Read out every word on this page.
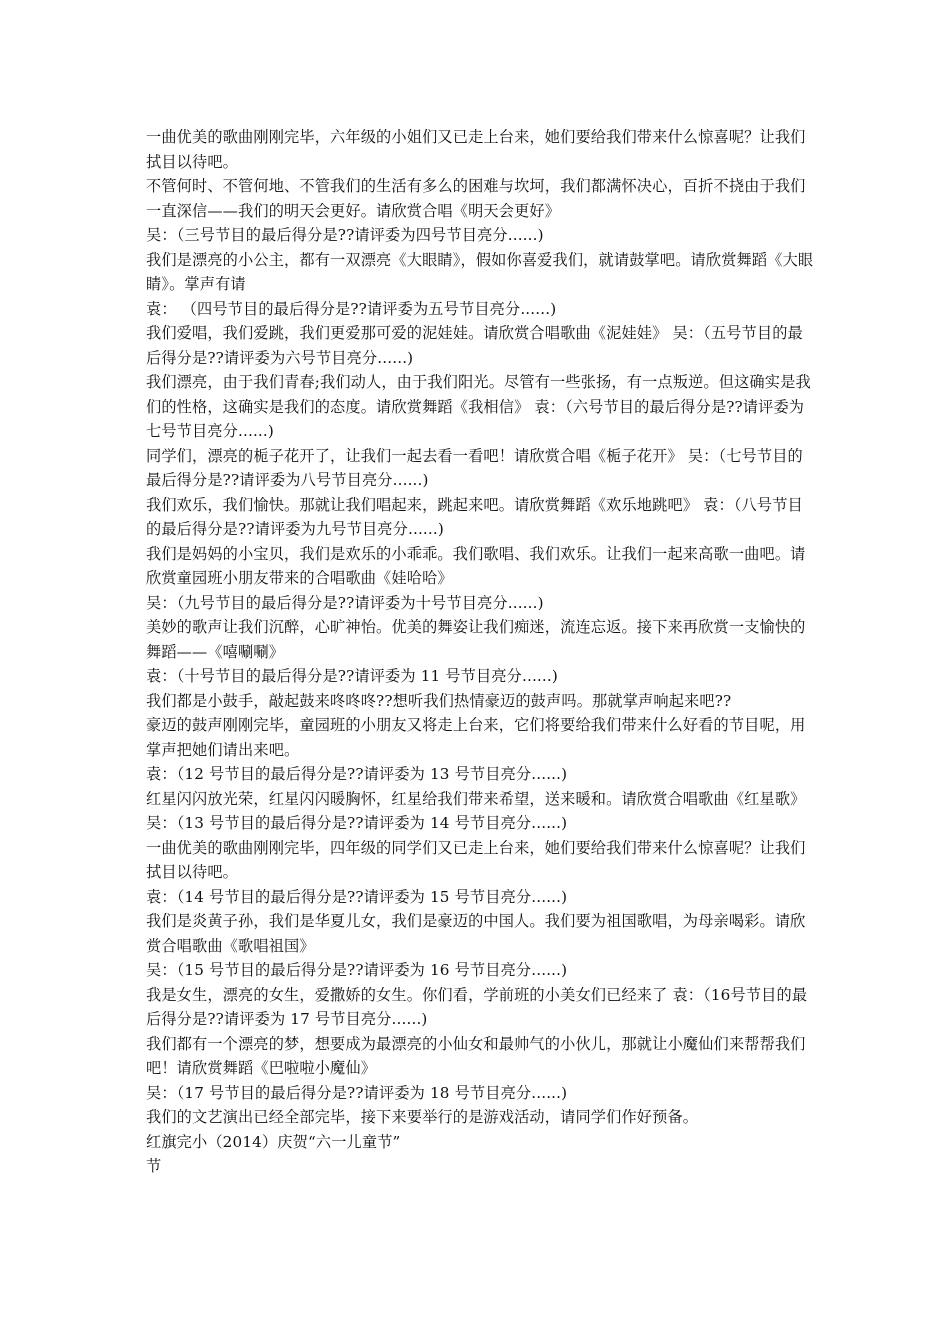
一曲优美的歌曲刚刚完毕，六年级的小姐们又已走上台来，她们要给我们带来什么惊喜呢？让我们拭目以待吧。

不管何时、不管何地、不管我们的生活有多么的困难与坎坷，我们都满怀决心，百折不挠由于我们一直深信——我们的明天会更好。请欣赏合唱《明天会更好》

吴：（三号节目的最后得分是??请评委为四号节目亮分......)

我们是漂亮的小公主，都有一双漂亮《大眼睛》，假如你喜爱我们，就请鼓掌吧。请欣赏舞蹈《大眼睛》。掌声有请

袁： （四号节目的最后得分是??请评委为五号节目亮分......)

我们爱唱，我们爱跳，我们更爱那可爱的泥娃娃。请欣赏合唱歌曲《泥娃娃》 吴：（五号节目的最后得分是??请评委为六号节目亮分......)

我们漂亮，由于我们青春;我们动人，由于我们阳光。尽管有一些张扬，有一点叛逆。但这确实是我们的性格，这确实是我们的态度。请欣赏舞蹈《我相信》 袁：（六号节目的最后得分是??请评委为七号节目亮分......)

同学们，漂亮的栀子花开了，让我们一起去看一看吧！请欣赏合唱《栀子花开》 吴：（七号节目的最后得分是??请评委为八号节目亮分......)

我们欢乐，我们愉快。那就让我们唱起来，跳起来吧。请欣赏舞蹈《欢乐地跳吧》 袁：（八号节目的最后得分是??请评委为九号节目亮分......)

我们是妈妈的小宝贝，我们是欢乐的小乖乖。我们歌唱、我们欢乐。让我们一起来高歌一曲吧。请欣赏童园班小朋友带来的合唱歌曲《娃哈哈》

吴：（九号节目的最后得分是??请评委为十号节目亮分......)

美妙的歌声让我们沉醉，心旷神怡。优美的舞姿让我们痴迷，流连忘返。接下来再欣赏一支愉快的舞蹈——《嘻唰唰》

袁：（十号节目的最后得分是??请评委为 11 号节目亮分......)

我们都是小鼓手，敲起鼓来咚咚咚??想听我们热情豪迈的鼓声吗。那就掌声响起来吧??

豪迈的鼓声刚刚完毕，童园班的小朋友又将走上台来，它们将要给我们带来什么好看的节目呢，用掌声把她们请出来吧。

袁：（12 号节目的最后得分是??请评委为 13 号节目亮分......)

红星闪闪放光荣，红星闪闪暖胸怀，红星给我们带来希望，送来暖和。请欣赏合唱歌曲《红星歌》

吴：（13 号节目的最后得分是??请评委为 14 号节目亮分......)

一曲优美的歌曲刚刚完毕，四年级的同学们又已走上台来，她们要给我们带来什么惊喜呢？让我们拭目以待吧。

袁：（14 号节目的最后得分是??请评委为 15 号节目亮分......)

我们是炎黄子孙，我们是华夏儿女，我们是豪迈的中国人。我们要为祖国歌唱，为母亲喝彩。请欣赏合唱歌曲《歌唱祖国》

吴：（15 号节目的最后得分是??请评委为 16 号节目亮分......)

我是女生，漂亮的女生，爱撒娇的女生。你们看，学前班的小美女们已经来了 袁：（16号节目的最后得分是??请评委为 17 号节目亮分......)

我们都有一个漂亮的梦，想要成为最漂亮的小仙女和最帅气的小伙儿，那就让小魔仙们来帮帮我们吧！请欣赏舞蹈《巴啦啦小魔仙》

吴：（17 号节目的最后得分是??请评委为 18 号节目亮分......)

我们的文艺演出已经全部完毕，接下来要举行的是游戏活动，请同学们作好预备。

红旗完小（2014）庆贺“六一儿童节”

节
